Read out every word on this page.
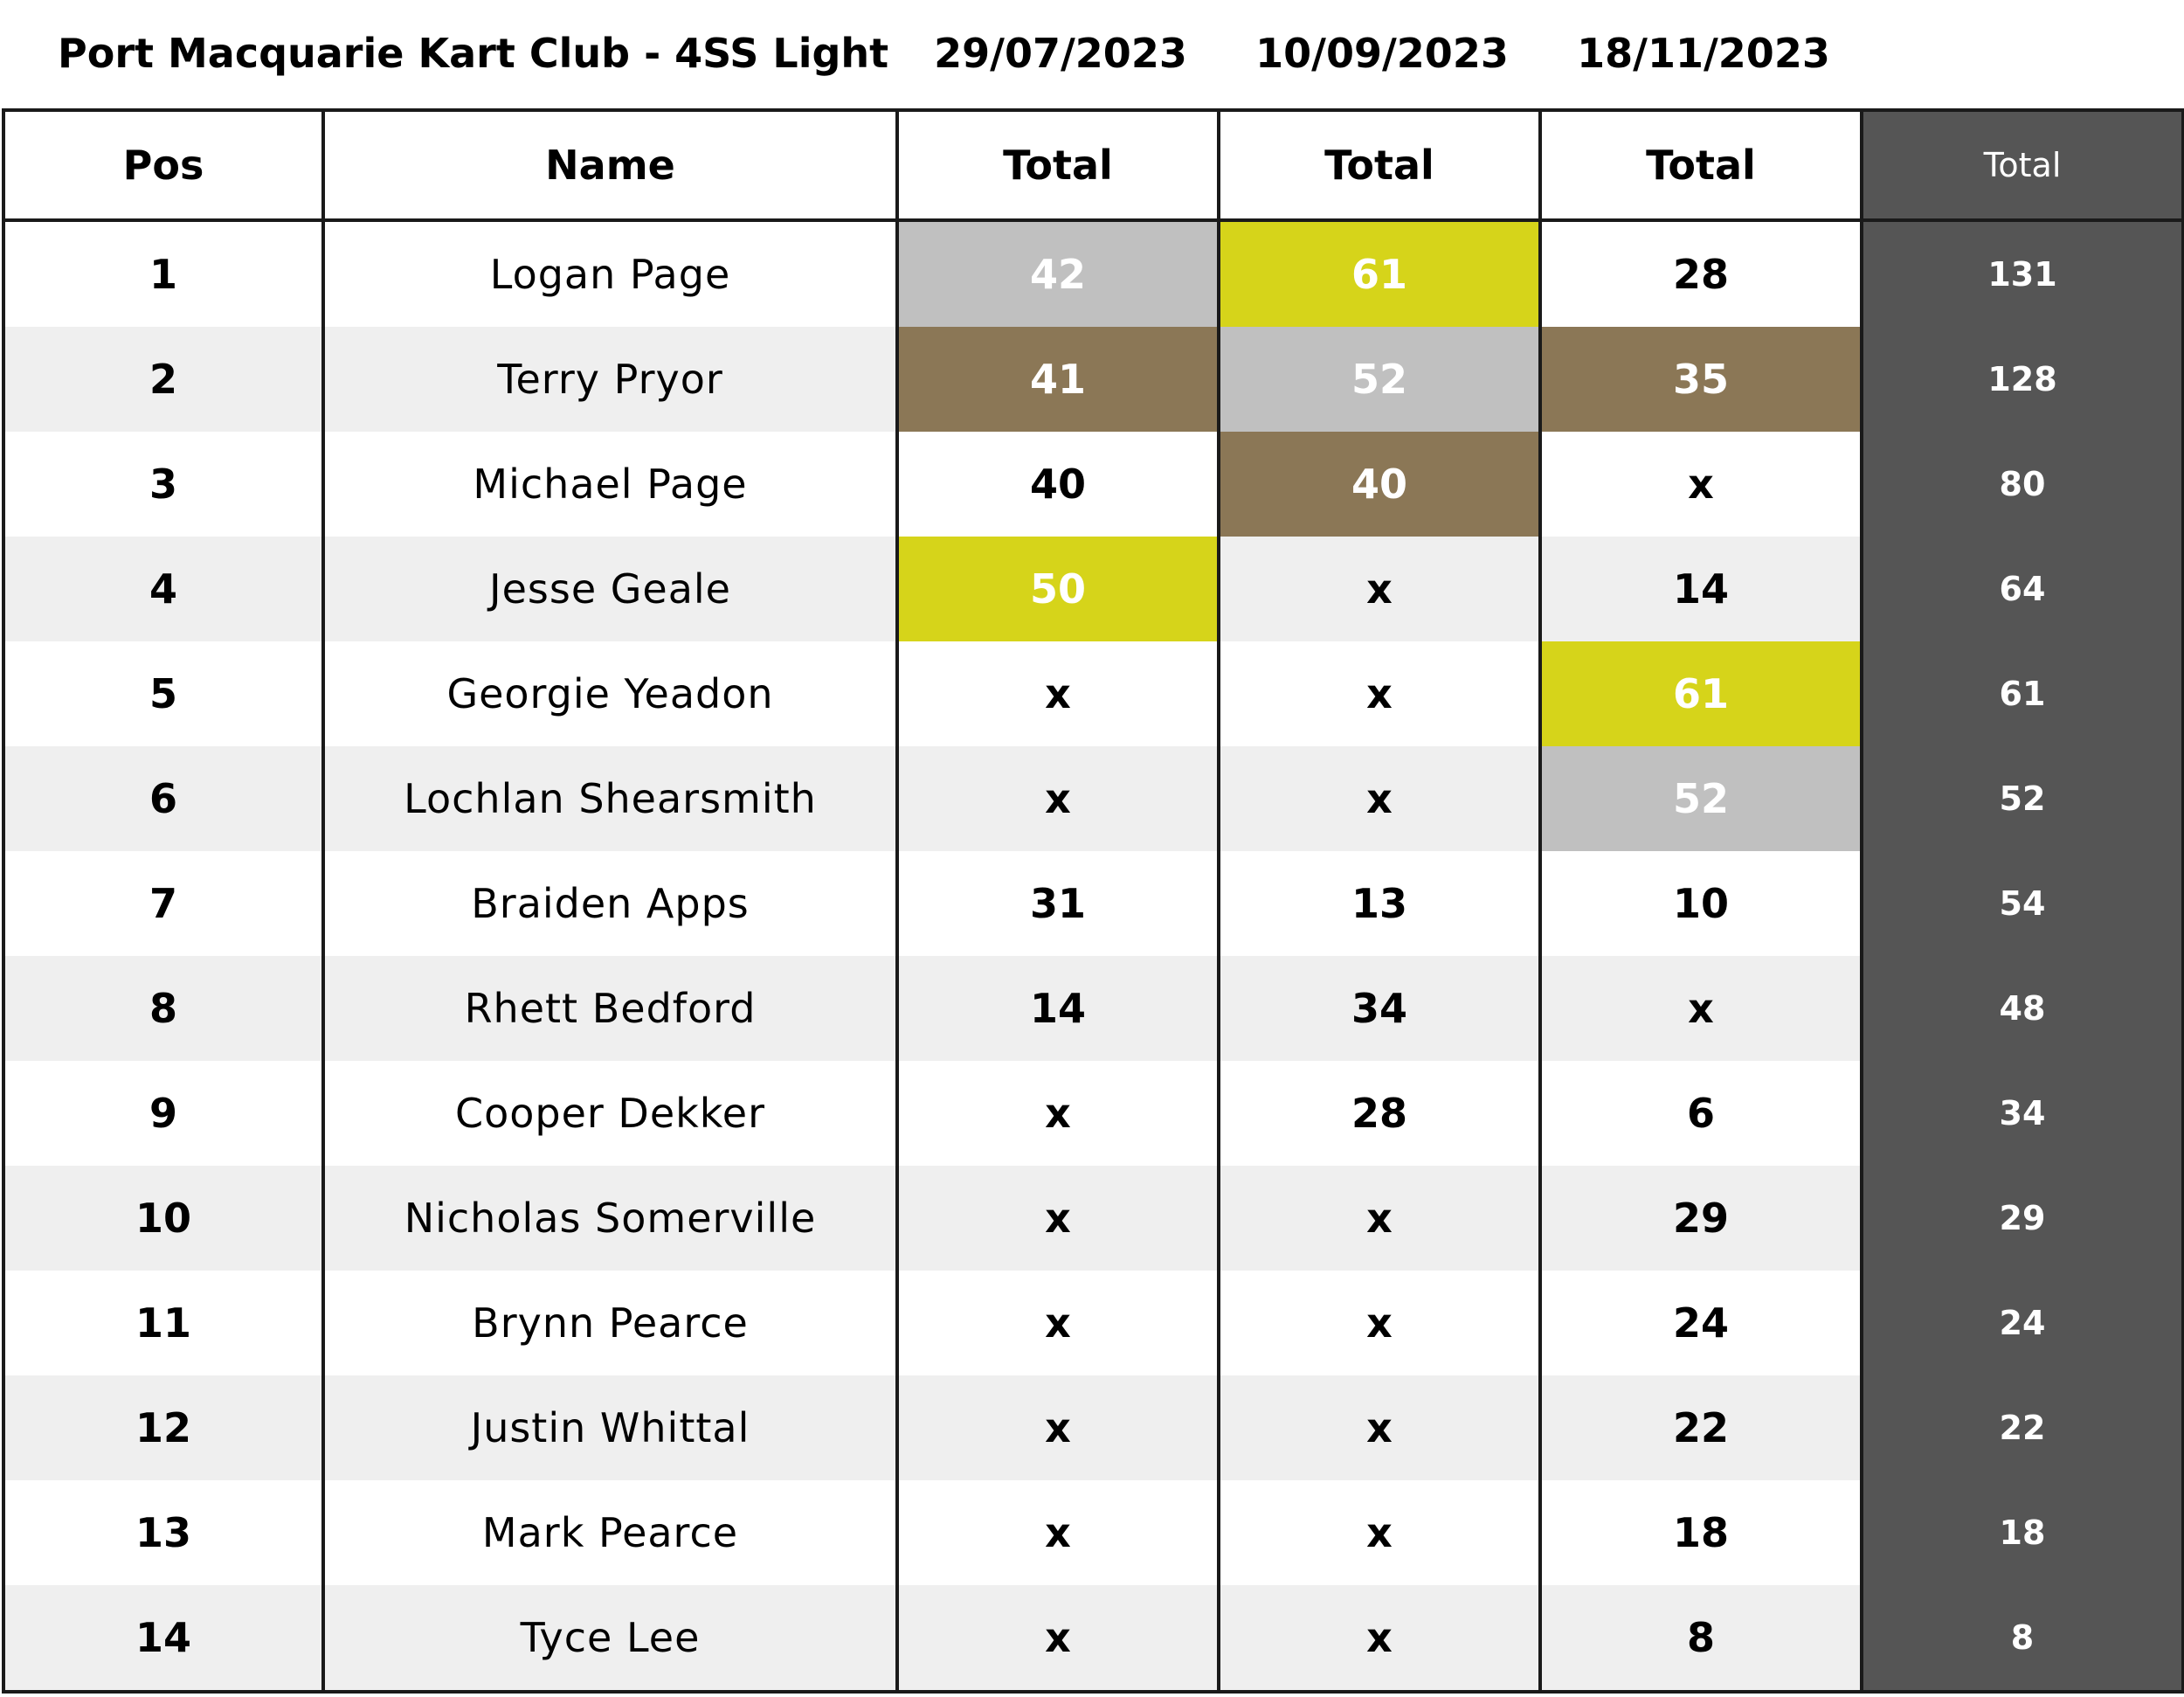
Port Macquarie Kart Club - 4SS Light	29/07/2023	10/09/2023	18/11/2023
Pos	Name	Total	Total	Total	Total
1	Logan Page	42	61	28	131
2	Terry Pryor	41	52	35	128
3	Michael Page	40	40	x	80
4	Jesse Geale	50	x	14	64
5	Georgie Yeadon	x	x	61	61
6	Lochlan Shearsmith	x	x	52	52
7	Braiden Apps	31	13	10	54
8	Rhett Bedford	14	34	x	48
9	Cooper Dekker	x	28	6	34
10	Nicholas Somerville	x	x	29	29
11	Brynn Pearce	x	x	24	24
12	Justin Whittal	x	x	22	22
13	Mark Pearce	x	x	18	18
14	Tyce Lee	x	x	8	8
